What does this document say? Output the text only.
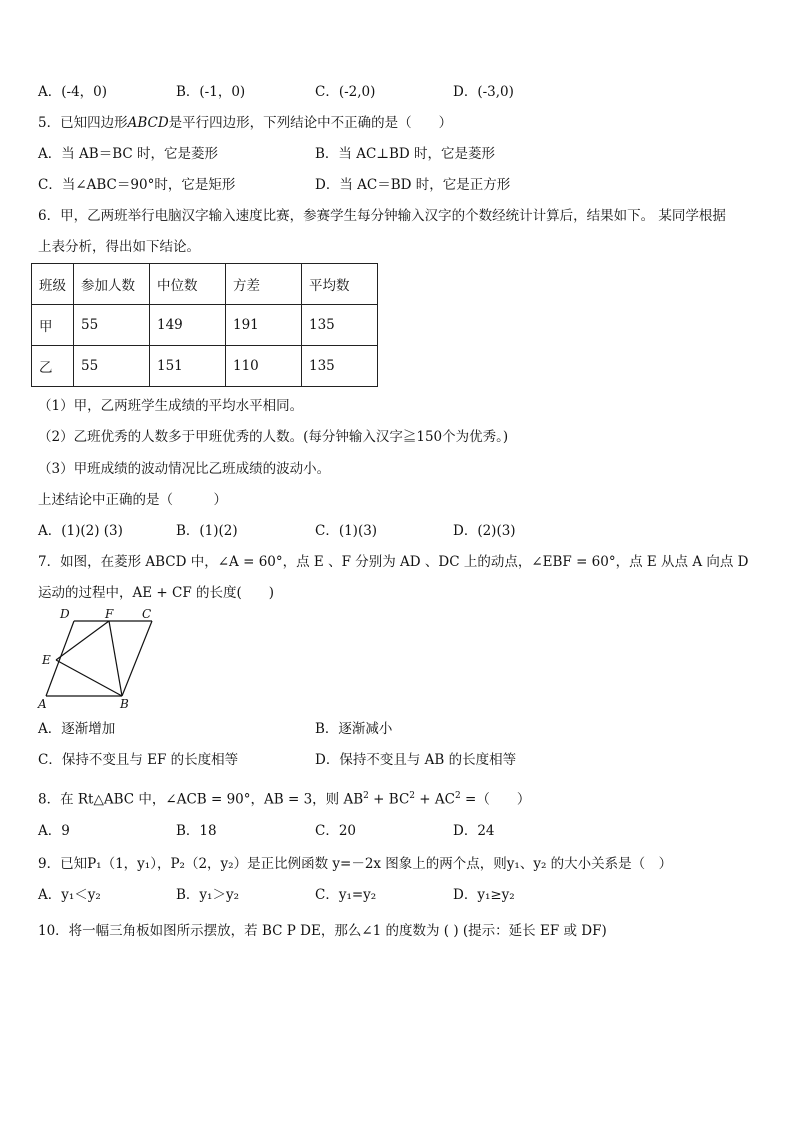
A．(-4，0)	B．(-1，0)	C．(-2,0)	D．(-3,0)
5．已知四边形ABCD是平行四边形，下列结论中不正确的是（　　）
A．当 AB＝BC 时，它是菱形	B．当 AC⊥BD 时，它是菱形
C．当∠ABC＝90°时，它是矩形	D．当 AC＝BD 时，它是正方形
6．甲，乙两班举行电脑汉字输入速度比赛，参赛学生每分钟输入汉字的个数经统计计算后，结果如下。 某同学根据
上表分析，得出如下结论。
班级	参加人数	中位数	方差	平均数
甲	55	149	191	135
乙	55	151	110	135
（1）甲，乙两班学生成绩的平均水平相同。
（2）乙班优秀的人数多于甲班优秀的人数。(每分钟输入汉字≧150个为优秀。)
（3）甲班成绩的波动情况比乙班成绩的波动小。
上述结论中正确的是（　　　）
A．(1)(2) (3)	B．(1)(2)	C．(1)(3)	D．(2)(3)
7．如图，在菱形 ABCD 中，∠A = 60°，点 E 、F 分别为 AD 、DC 上的动点，∠EBF = 60°，点 E 从点 A 向点 D
运动的过程中，AE + CF 的长度(　　)
D	F C
E
A	B
A．逐渐增加	B．逐渐减小
C．保持不变且与 EF 的长度相等	D．保持不变且与 AB 的长度相等
8．在 Rt△ABC 中，∠ACB = 90°，AB = 3，则 $AB^2 + BC^2 + AC^2$ =（　　）
A．9	B．18	C．20	D．24
9．已知P₁（1，y₁），P₂（2，y₂）是正比例函数 y=－2x 图象上的两个点，则y₁、y₂ 的大小关系是（　）
A．y₁＜y₂	B．y₁＞y₂	C．y₁=y₂	D．y₁≥y₂
10．将一幅三角板如图所示摆放，若 BC P DE，那么∠1 的度数为 ( ) (提示：延长 EF 或 DF)
